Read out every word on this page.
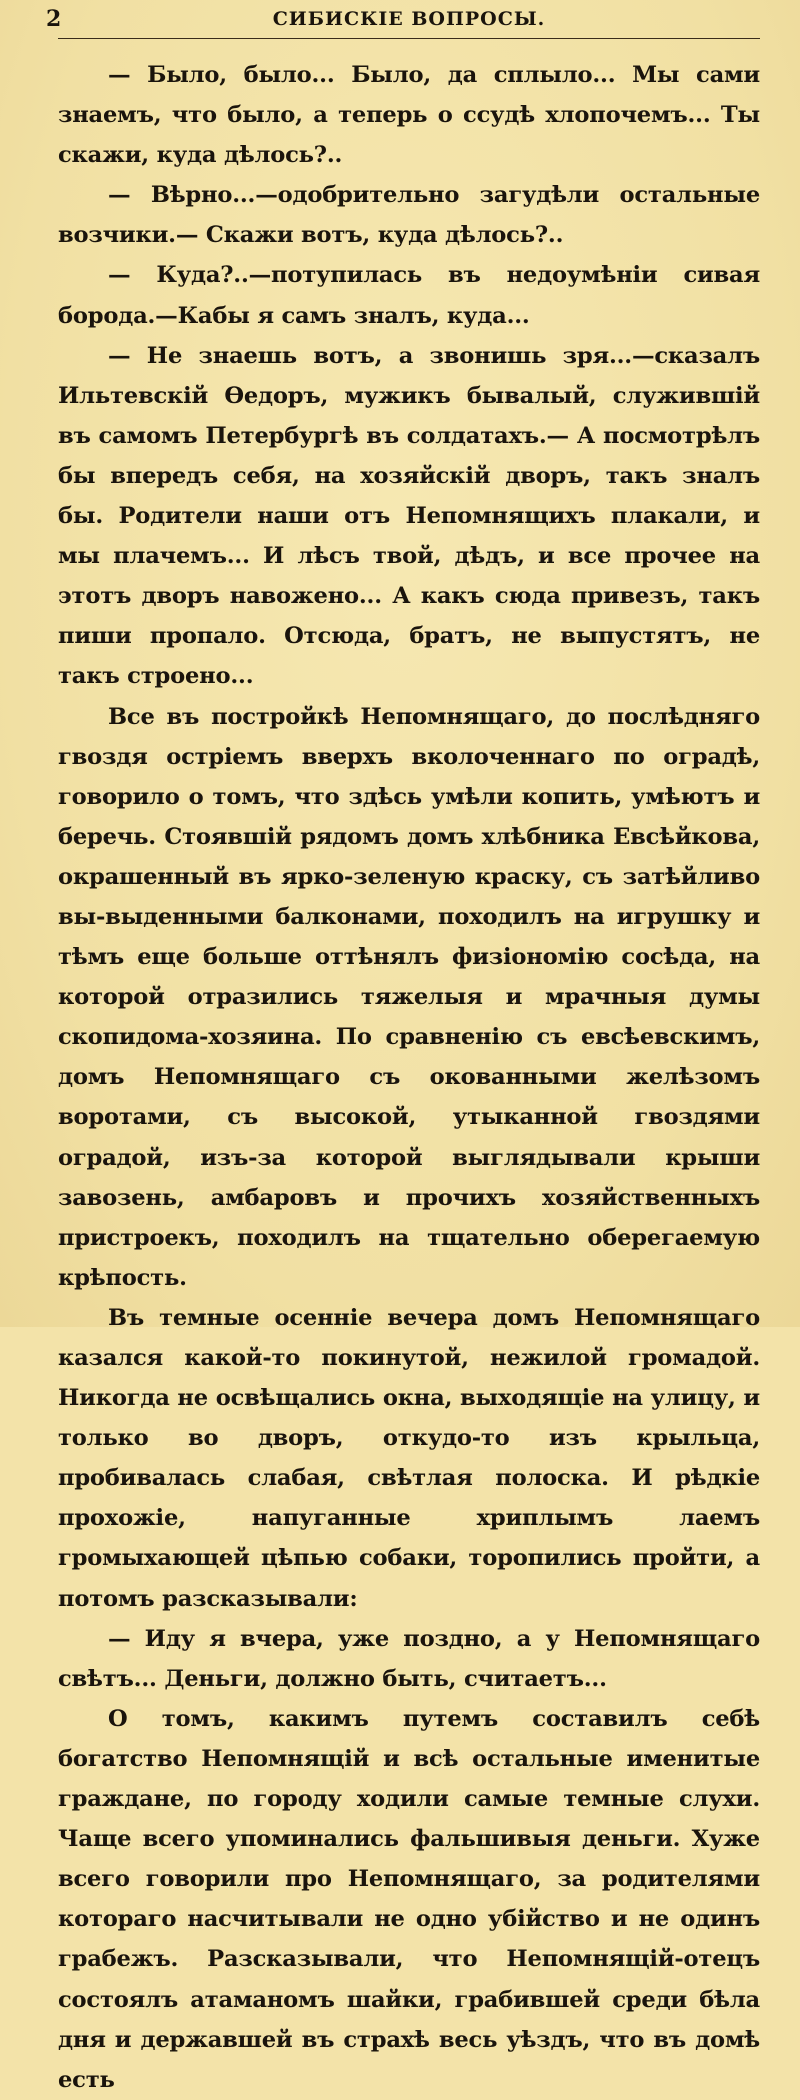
2	СИБИСКІЕ ВОПРОСЫ.

— Было, было... Было, да сплыло... Мы сами знаемъ, что было, а теперь о ссудѣ хлопочемъ... Ты скажи, куда дѣлось?..

— Вѣрно...—одобрительно загудѣли остальные возчики.— Скажи вотъ, куда дѣлось?..

— Куда?..—потупилась въ недоумѣніи сивая борода.—Кабы я самъ зналъ, куда...

— Не знаешь вотъ, а звонишь зря...—сказалъ Ильтевскій Ѳедоръ, мужикъ бывалый, служившій въ самомъ Петербургѣ въ солдатахъ.— А посмотрѣлъ бы впередъ себя, на хозяйскій дворъ, такъ зналъ бы. Родители наши отъ Непомнящихъ плакали, и мы плачемъ... И лѣсъ твой, дѣдъ, и все прочее на этотъ дворъ навожено... А какъ сюда привезъ, такъ пиши пропало. Отсюда, братъ, не выпустятъ, не такъ строено...

Все въ постройкѣ Непомнящаго, до послѣдняго гвоздя остріемъ вверхъ вколоченнаго по оградѣ, говорило о томъ, что здѣсь умѣли копить, умѣютъ и беречь. Стоявшій рядомъ домъ хлѣбника Евсѣйкова, окрашенный въ ярко-зеленую краску, съ затѣйливо вы-выденными балконами, походилъ на игрушку и тѣмъ еще больше оттѣнялъ физіономію сосѣда, на которой отразились тяжелыя и мрачныя думы скопидома-хозяина. По сравненію съ евсѣевскимъ, домъ Непомнящаго съ окованными желѣзомъ воротами, съ высокой, утыканной гвоздями оградой, изъ-за которой выглядывали крыши завозень, амбаровъ и прочихъ хозяйственныхъ пристроекъ, походилъ на тщательно оберегаемую крѣпость.

Въ темные осенніе вечера домъ Непомнящаго казался какой-то покинутой, нежилой громадой. Никогда не освѣщались окна, выходящіе на улицу, и только во дворъ, откудо-то изъ крыльца, пробивалась слабая, свѣтлая полоска. И рѣдкіе прохожіе, напуганные хриплымъ лаемъ громыхающей цѣпью собаки, торопились пройти, а потомъ разсказывали:

— Иду я вчера, уже поздно, а у Непомнящаго свѣтъ... Деньги, должно быть, считаетъ...

О томъ, какимъ путемъ составилъ себѣ богатство Непомнящій и всѣ остальные именитые граждане, по городу ходили самые темные слухи. Чаще всего упоминались фальшивыя деньги. Хуже всего говорили про Непомнящаго, за родителями котораго насчитывали не одно убійство и не одинъ грабежъ. Разсказывали, что Непомнящій-отецъ состоялъ атаманомъ шайки, грабившей среди бѣла дня и державшей въ страхѣ весь уѣздъ, что въ домѣ есть
